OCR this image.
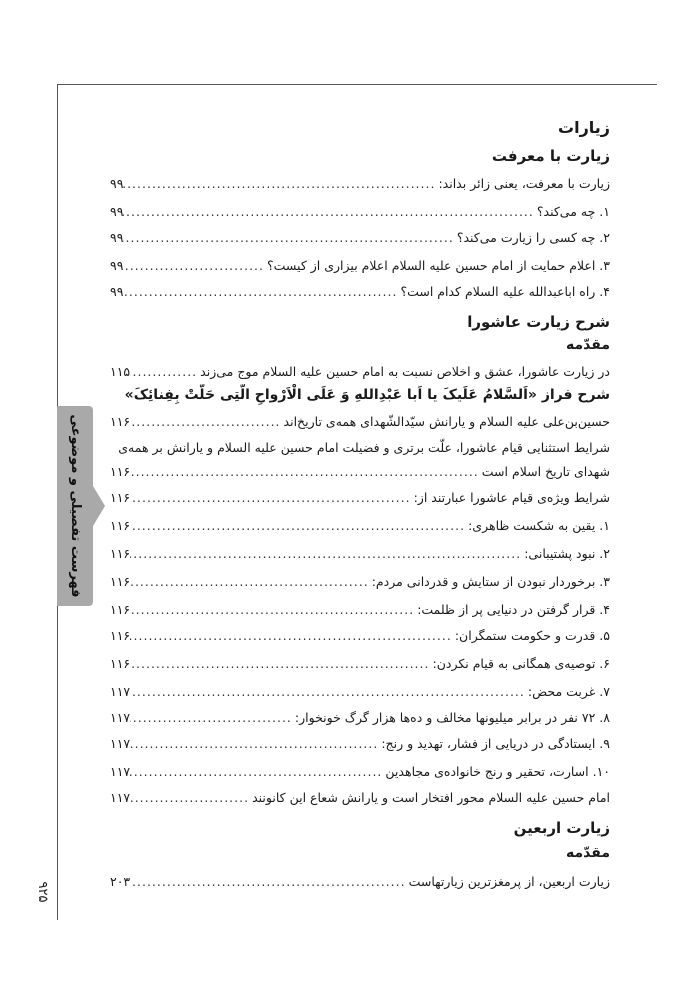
فهرست تفصیلی و موضوعی
۹۲۵
زیارات
زیارت با معرفت
زیارت با معرفت، یعنی زائر بداند:
.....
۹۹
۱. چه می‌کند؟
.....
۹۹
۲. چه کسی را زیارت می‌کند؟
.....
۹۹
۳. اعلام حمایت از امام حسین علیه السلام اعلام بیزاری از کیست؟
.....
۹۹
۴. راه اباعبدالله علیه السلام کدام است؟
.....
۹۹
شرح زیارت عاشورا
مقدّمه
در زیارت عاشورا، عشق و اخلاص نسبت به امام حسین علیه السلام موج می‌زند
.....
۱۱۵
شرح فراز «اَلسَّلامُ عَلَیکَ یا اَبا عَبْدِاللهِ وَ عَلَی الْاَرْواحِ الَّتِی حَلَّتْ بِفِنائِکَ»
حسین‌بن‌علی علیه السلام و یارانش سیّدالشّهدای همه‌ی تاریخ‌اند
.....
۱۱۶
شرایط استثنایی قیام عاشورا، علّت برتری و فضیلت امام حسین علیه السلام و یارانش بر همه‌ی
شهدای تاریخ اسلام است
.....
۱۱۶
شرایط ویژه‌ی قیام عاشورا عبارتند از:
.....
۱۱۶
۱. یقین به شکست ظاهری:
.....
۱۱۶
۲. نبود پشتیبانی:
.....
۱۱۶
۳. برخوردار نبودن از ستایش و قدردانی مردم:
.....
۱۱۶
۴. قرار گرفتن در دنیایی پر از ظلمت:
.....
۱۱۶
۵. قدرت و حکومت ستمگران:
.....
۱۱۶
۶. توصیه‌ی همگانی به قیام نکردن:
.....
۱۱۶
۷. غربت محض:
.....
۱۱۷
۸. ۷۲ نفر در برابر میلیونها مخالف و ده‌ها هزار گرگ خونخوار:
.....
۱۱۷
۹. ایستادگی در دریایی از فشار، تهدید و رنج:
.....
۱۱۷
۱۰. اسارت، تحقیر و رنج خانواده‌ی مجاهدین
.....
۱۱۷
امام حسین علیه السلام محور افتخار است و یارانش شعاع این کانونند
.....
۱۱۷
زیارت اربعین
مقدّمه
زیارت اربعین، از پرمغزترین زیارتهاست
.....
۲۰۳
